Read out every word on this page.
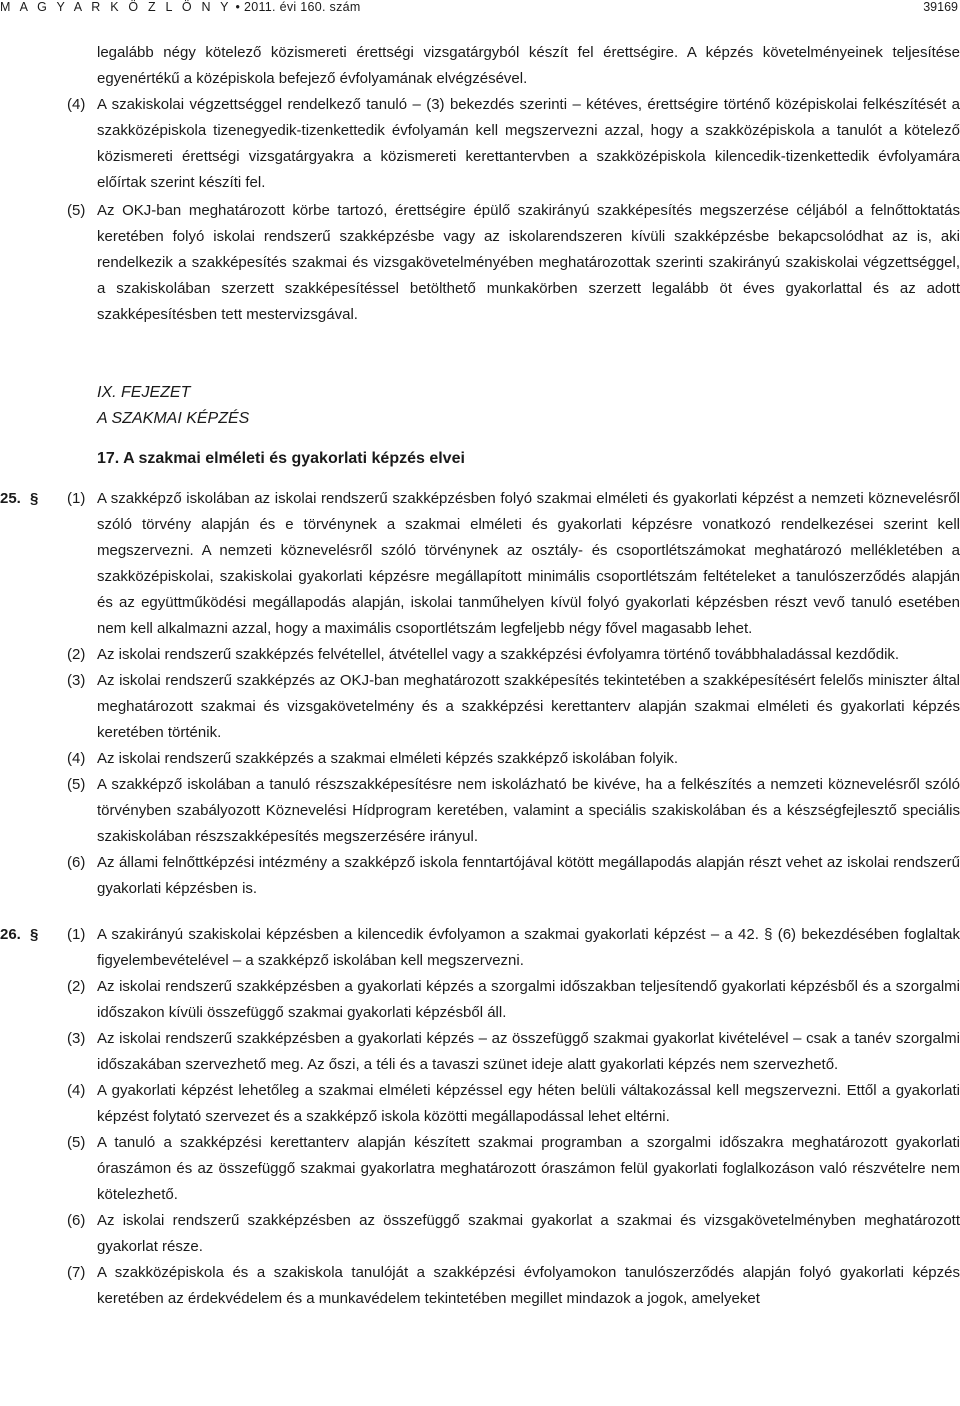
M A G Y A R K Ö Z L Ö N Y • 2011. évi 160. szám	39169
legalább négy kötelező közismereti érettségi vizsgatárgyból készít fel érettségire. A képzés követelményeinek teljesítése egyenértékű a középiskola befejező évfolyamának elvégzésével.
(4) A szakiskolai végzettséggel rendelkező tanuló – (3) bekezdés szerinti – kétéves, érettségire történő középiskolai felkészítését a szakközépiskola tizenegyedik-tizenkettedik évfolyamán kell megszervezni azzal, hogy a szakközépiskola a tanulót a kötelező közismereti érettségi vizsgatárgyakra a közismereti kerettantervben a szakközépiskola kilencedik-tizenkettedik évfolyamára előírtak szerint készíti fel.
(5) Az OKJ-ban meghatározott körbe tartozó, érettségire épülő szakirányú szakképesítés megszerzése céljából a felnőttoktatás keretében folyó iskolai rendszerű szakképzésbe vagy az iskolarendszeren kívüli szakképzésbe bekapcsolódhat az is, aki rendelkezik a szakképesítés szakmai és vizsgakövetelményében meghatározottak szerinti szakirányú szakiskolai végzettséggel, a szakiskolában szerzett szakképesítéssel betölthető munkakörben szerzett legalább öt éves gyakorlattal és az adott szakképesítésben tett mestervizsgával.
IX. FEJEZET
A SZAKMAI KÉPZÉS
17. A szakmai elméleti és gyakorlati képzés elvei
25. § (1) A szakképző iskolában az iskolai rendszerű szakképzésben folyó szakmai elméleti és gyakorlati képzést a nemzeti köznevelésről szóló törvény alapján és e törvénynek a szakmai elméleti és gyakorlati képzésre vonatkozó rendelkezései szerint kell megszervezni. A nemzeti köznevelésről szóló törvénynek az osztály- és csoportlétszámokat meghatározó mellékletében a szakközépiskolai, szakiskolai gyakorlati képzésre megállapított minimális csoportlétszám feltételeket a tanulószerződés alapján és az együttműködési megállapodás alapján, iskolai tanműhelyen kívül folyó gyakorlati képzésben részt vevő tanuló esetében nem kell alkalmazni azzal, hogy a maximális csoportlétszám legfeljebb négy fővel magasabb lehet.
(2) Az iskolai rendszerű szakképzés felvétellel, átvétellel vagy a szakképzési évfolyamra történő továbbhaladással kezdődik.
(3) Az iskolai rendszerű szakképzés az OKJ-ban meghatározott szakképesítés tekintetében a szakképesítésért felelős miniszter által meghatározott szakmai és vizsgakövetelmény és a szakképzési kerettanterv alapján szakmai elméleti és gyakorlati képzés keretében történik.
(4) Az iskolai rendszerű szakképzés a szakmai elméleti képzés szakképző iskolában folyik.
(5) A szakképző iskolában a tanuló részszakképesítésre nem iskolázható be kivéve, ha a felkészítés a nemzeti köznevelésről szóló törvényben szabályozott Köznevelési Hídprogram keretében, valamint a speciális szakiskolában és a készségfejlesztő speciális szakiskolában részszakképesítés megszerzésére irányul.
(6) Az állami felnőttképzési intézmény a szakképző iskola fenntartójával kötött megállapodás alapján részt vehet az iskolai rendszerű gyakorlati képzésben is.
26. § (1) A szakirányú szakiskolai képzésben a kilencedik évfolyamon a szakmai gyakorlati képzést – a 42. § (6) bekezdésében foglaltak figyelembevételével – a szakképző iskolában kell megszervezni.
(2) Az iskolai rendszerű szakképzésben a gyakorlati képzés a szorgalmi időszakban teljesítendő gyakorlati képzésből és a szorgalmi időszakon kívüli összefüggő szakmai gyakorlati képzésből áll.
(3) Az iskolai rendszerű szakképzésben a gyakorlati képzés – az összefüggő szakmai gyakorlat kivételével – csak a tanév szorgalmi időszakában szervezhető meg. Az őszi, a téli és a tavaszi szünet ideje alatt gyakorlati képzés nem szervezhető.
(4) A gyakorlati képzést lehetőleg a szakmai elméleti képzéssel egy héten belüli váltakozással kell megszervezni. Ettől a gyakorlati képzést folytató szervezet és a szakképző iskola közötti megállapodással lehet eltérni.
(5) A tanuló a szakképzési kerettanterv alapján készített szakmai programban a szorgalmi időszakra meghatározott gyakorlati óraszámon és az összefüggő szakmai gyakorlatra meghatározott óraszámon felül gyakorlati foglalkozáson való részvételre nem kötelezhető.
(6) Az iskolai rendszerű szakképzésben az összefüggő szakmai gyakorlat a szakmai és vizsgakövetelményben meghatározott gyakorlat része.
(7) A szakközépiskola és a szakiskola tanulóját a szakképzési évfolyamokon tanulószerződés alapján folyó gyakorlati képzés keretében az érdekvédelem és a munkavédelem tekintetében megillet mindazok a jogok, amelyeket
